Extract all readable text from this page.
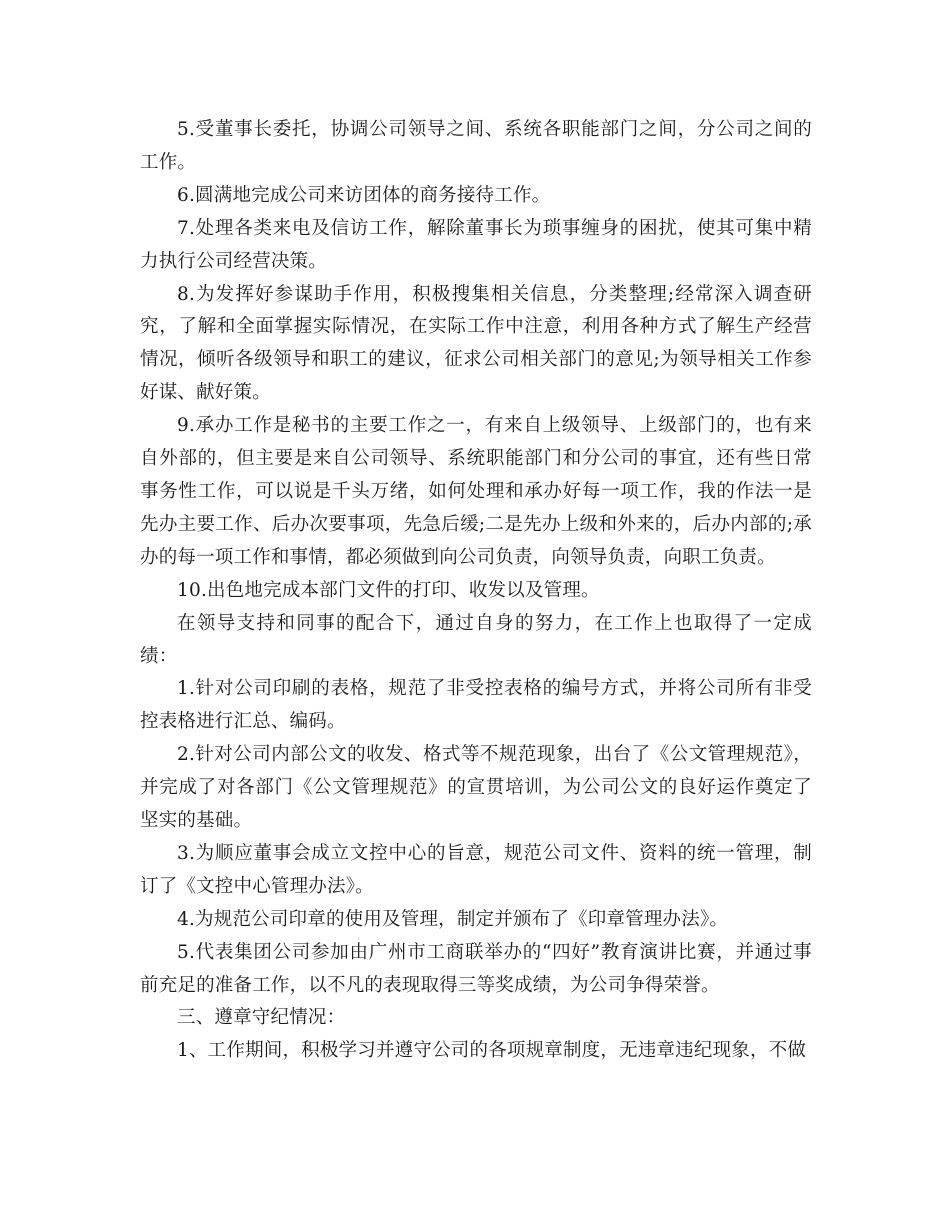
5.受董事长委托，协调公司领导之间、系统各职能部门之间，分公司之间的工作。

6.圆满地完成公司来访团体的商务接待工作。

7.处理各类来电及信访工作，解除董事长为琐事缠身的困扰，使其可集中精力执行公司经营决策。

8.为发挥好参谋助手作用，积极搜集相关信息，分类整理;经常深入调查研究，了解和全面掌握实际情况，在实际工作中注意，利用各种方式了解生产经营情况，倾听各级领导和职工的建议，征求公司相关部门的意见;为领导相关工作参好谋、献好策。

9.承办工作是秘书的主要工作之一，有来自上级领导、上级部门的，也有来自外部的，但主要是来自公司领导、系统职能部门和分公司的事宜，还有些日常事务性工作，可以说是千头万绪，如何处理和承办好每一项工作，我的作法一是先办主要工作、后办次要事项，先急后缓;二是先办上级和外来的，后办内部的;承办的每一项工作和事情，都必须做到向公司负责，向领导负责，向职工负责。

10.出色地完成本部门文件的打印、收发以及管理。

在领导支持和同事的配合下，通过自身的努力，在工作上也取得了一定成绩：

1.针对公司印刷的表格，规范了非受控表格的编号方式，并将公司所有非受控表格进行汇总、编码。

2.针对公司内部公文的收发、格式等不规范现象，出台了《公文管理规范》，并完成了对各部门《公文管理规范》的宣贯培训，为公司公文的良好运作奠定了坚实的基础。

3.为顺应董事会成立文控中心的旨意，规范公司文件、资料的统一管理，制订了《文控中心管理办法》。

4.为规范公司印章的使用及管理，制定并颁布了《印章管理办法》。

5.代表集团公司参加由广州市工商联举办的“四好”教育演讲比赛，并通过事前充足的准备工作，以不凡的表现取得三等奖成绩，为公司争得荣誉。

三、遵章守纪情况：

1、工作期间，积极学习并遵守公司的各项规章制度，无违章违纪现象，不做
